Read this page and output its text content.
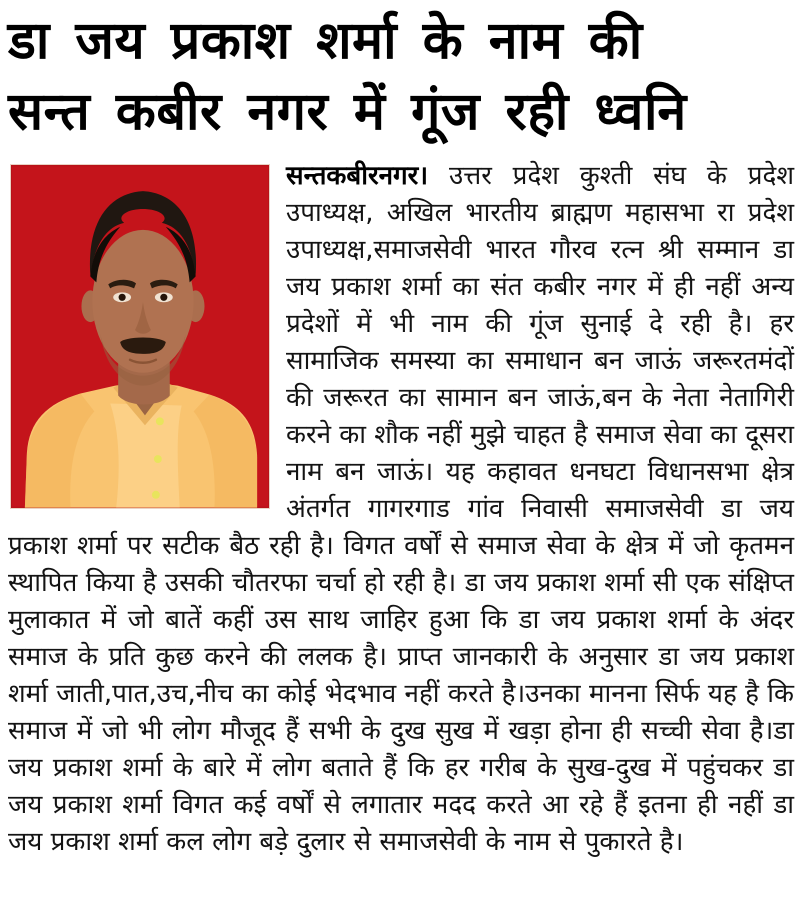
डा जय प्रकाश शर्मा के नाम की
सन्त कबीर नगर में गूंज रही ध्वनि

सन्तकबीरनगर। उत्तर प्रदेश कुश्ती संघ के प्रदेश उपाध्यक्ष, अखिल भारतीय ब्राह्मण महासभा रा प्रदेश उपाध्यक्ष,समाजसेवी भारत गौरव रत्न श्री सम्मान डा जय प्रकाश शर्मा का संत कबीर नगर में ही नहीं अन्य प्रदेशों में भी नाम की गूंज सुनाई दे रही है। हर सामाजिक समस्या का समाधान बन जाऊं जरूरतमंदों की जरूरत का सामान बन जाऊं,बन के नेता नेतागिरी करने का शौक नहीं मुझे चाहत है समाज सेवा का दूसरा नाम बन जाऊं। यह कहावत धनघटा विधानसभा क्षेत्र अंतर्गत गागरगाड गांव निवासी समाजसेवी डा जय प्रकाश शर्मा पर सटीक बैठ रही है। विगत वर्षों से समाज सेवा के क्षेत्र में जो कृतमन स्थापित किया है उसकी चौतरफा चर्चा हो रही है। डा जय प्रकाश शर्मा सी एक संक्षिप्त मुलाकात में जो बातें कहीं उस साथ जाहिर हुआ कि डा जय प्रकाश शर्मा के अंदर समाज के प्रति कुछ करने की ललक है। प्राप्त जानकारी के अनुसार डा जय प्रकाश शर्मा जाती,पात,उच,नीच का कोई भेदभाव नहीं करते है।उनका मानना सिर्फ यह है कि समाज में जो भी लोग मौजूद हैं सभी के दुख सुख में खड़ा होना ही सच्ची सेवा है।डा जय प्रकाश शर्मा के बारे में लोग बताते हैं कि हर गरीब के सुख-दुख में पहुंचकर डा जय प्रकाश शर्मा विगत कई वर्षों से लगातार मदद करते आ रहे हैं इतना ही नहीं डा जय प्रकाश शर्मा कल लोग बड़े दुलार से समाजसेवी के नाम से पुकारते है।
